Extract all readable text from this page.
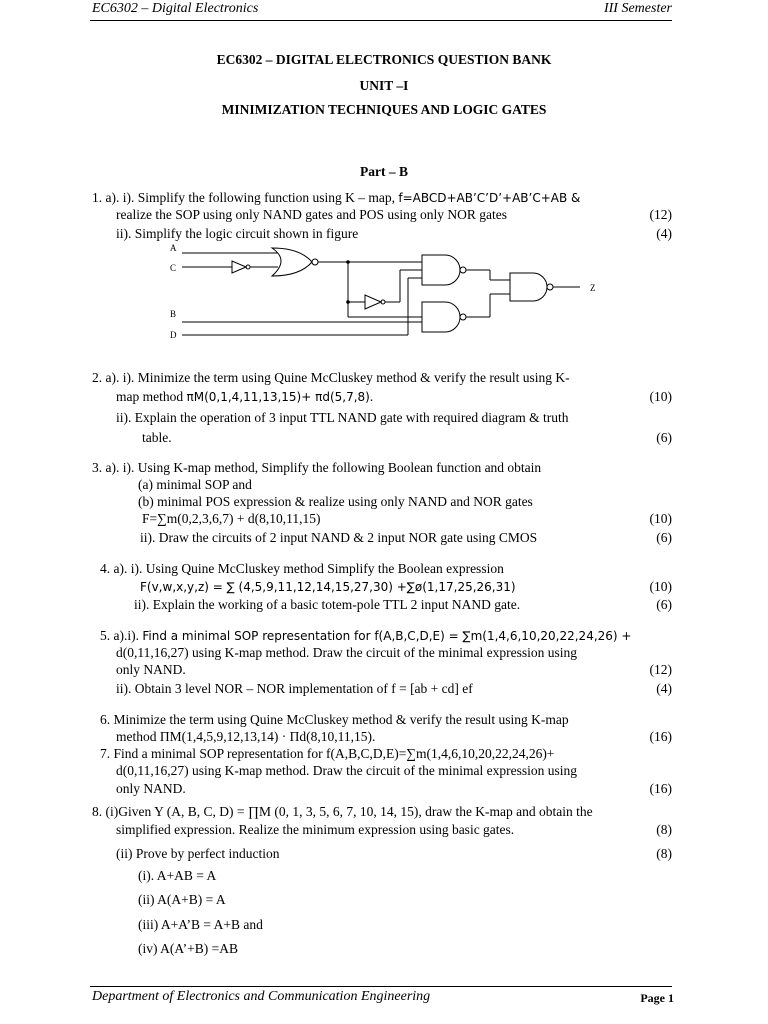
EC6302 – Digital Electronics	III Semester
EC6302 – DIGITAL ELECTRONICS QUESTION BANK
UNIT –I
MINIMIZATION TECHNIQUES AND LOGIC GATES
Part – B
1. a). i). Simplify the following function using K – map, f=ABCD+AB’C’D’+AB’C+AB &
realize the SOP using only NAND gates and POS using only NOR gates	(12)
ii). Simplify the logic circuit shown in figure	(4)
A
C
B
D
Z
2. a). i). Minimize the term using Quine McCluskey method & verify the result using K-
map method πM(0,1,4,11,13,15)+ πd(5,7,8).	(10)
ii). Explain the operation of 3 input TTL NAND gate with required diagram & truth
table.	(6)
3. a). i). Using K-map method, Simplify the following Boolean function and obtain
(a) minimal SOP and
(b) minimal POS expression & realize using only NAND and NOR gates
F=∑m(0,2,3,6,7) + d(8,10,11,15)	(10)
ii). Draw the circuits of 2 input NAND & 2 input NOR gate using CMOS	(6)
4. a). i). Using Quine McCluskey method Simplify the Boolean expression
F(v,w,x,y,z) = ∑ (4,5,9,11,12,14,15,27,30) +∑ø(1,17,25,26,31)	(10)
ii). Explain the working of a basic totem-pole TTL 2 input NAND gate.	(6)
5. a).i). Find a minimal SOP representation for f(A,B,C,D,E) = ∑m(1,4,6,10,20,22,24,26) +
d(0,11,16,27) using K-map method. Draw the circuit of the minimal expression using
only NAND.	(12)
ii). Obtain 3 level NOR – NOR implementation of f = [ab + cd] ef	(4)
6. Minimize the term using Quine McCluskey method & verify the result using K-map
method ΠM(1,4,5,9,12,13,14) · Πd(8,10,11,15).	(16)
7. Find a minimal SOP representation for f(A,B,C,D,E)=∑m(1,4,6,10,20,22,24,26)+
d(0,11,16,27) using K-map method. Draw the circuit of the minimal expression using
only NAND.	(16)
8. (i)Given Y (A, B, C, D) = ∏M (0, 1, 3, 5, 6, 7, 10, 14, 15), draw the K-map and obtain the
simplified expression. Realize the minimum expression using basic gates.	(8)
(ii) Prove by perfect induction	(8)
(i). A+AB = A
(ii) A(A+B) = A
(iii) A+A’B = A+B and
(iv) A(A’+B) =AB
Department of Electronics and Communication Engineering	Page 1
